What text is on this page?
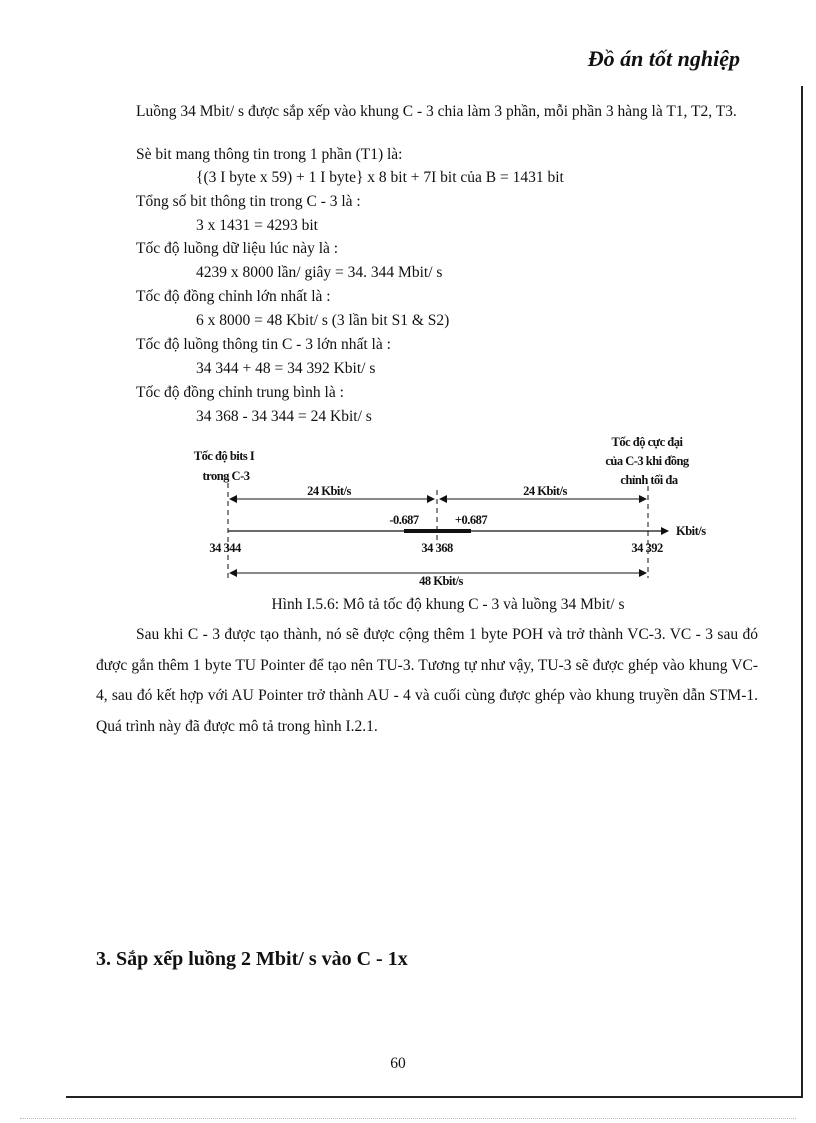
Đồ án tốt nghiệp
Luồng 34 Mbit/ s được sắp xếp vào khung C - 3 chia làm 3 phần, mỗi phần 3 hàng là T1, T2, T3.
Sè bit mang thông tin trong 1 phần (T1) là:
{(3 I byte x 59) + 1 I byte} x 8 bit + 7I bit của B = 1431 bit
Tổng số bit thông tin trong C - 3 là :
3 x 1431 = 4293 bit
Tốc độ luồng dữ liệu lúc này là :
4239 x 8000 lần/ giây = 34. 344 Mbit/ s
Tốc độ đồng chỉnh lớn nhất là :
6 x 8000 = 48 Kbit/ s (3 lần bit S1 & S2)
Tốc độ luồng thông tin C - 3 lớn nhất là :
34 344 + 48 = 34 392 Kbit/ s
Tốc độ đồng chỉnh trung bình là :
34 368 - 34 344 = 24 Kbit/ s
Tốc độ bits I
trong C-3
Tốc độ cực đại
của C-3 khi đồng
chỉnh tối đa
24 Kbit/s	24 Kbit/s
-0.687	+0.687
Kbit/s
34 344	34 368	34 392
48 Kbit/s
Hình I.5.6: Mô tả tốc độ khung C - 3 và luồng 34 Mbit/ s
Sau khi C - 3 được tạo thành, nó sẽ được cộng thêm 1 byte POH và trở thành VC-3. VC - 3 sau đó được gắn thêm 1 byte TU Pointer để tạo nên TU-3. Tương tự như vậy, TU-3 sẽ được ghép vào khung VC-4, sau đó kết hợp với AU Pointer trở thành AU - 4 và cuối cùng được ghép vào khung truyền dẫn STM-1. Quá trình này đã được mô tả trong hình I.2.1.
3. Sắp xếp luồng 2 Mbit/ s vào C - 1x
60
